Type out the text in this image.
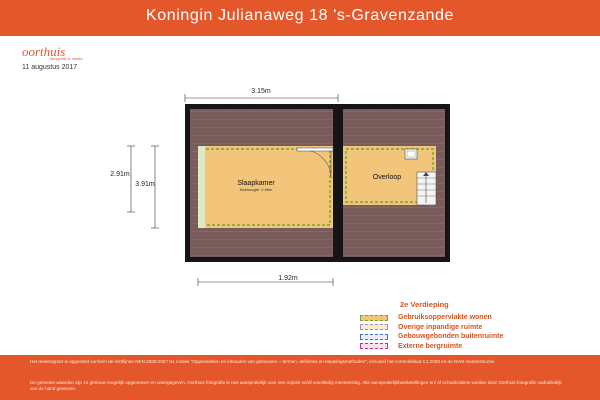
Koningin Julianaweg 18 's-Gravenzande
oorthuis
fotografie & media
11 augustus 2017
3.15m
Slaapkamer
Nokhoogte: 2.66m
Overloop
2.91m
3.91m
1.92m
2e Verdieping
Gebruiksoppervlakte wonen
Overige inpandige ruimte
Gebouwgebonden buitenruimte
Externe bergruimte

Het meetrapport is opgesteld conform de richtlijnen NEN 2580:2007 NL inzake "Oppervlakten en inhouden van gebouwen – termen, definities en bepalingsmethoden", inclusief het correctieblad C1:2008 en de NVM meetinstructie.

De gemeten waarden zijn zo getrouw mogelijk opgenomen en weergegeven. Oorthuis fotografie is niet aansprakelijk voor een onjuist en/of onvolledig meetverslag. Alle aansprakelijkheidsstellingen en/ of schadeclaims worden door Oorthuis fotografie nadrukkelijk van de hand gewezen.
